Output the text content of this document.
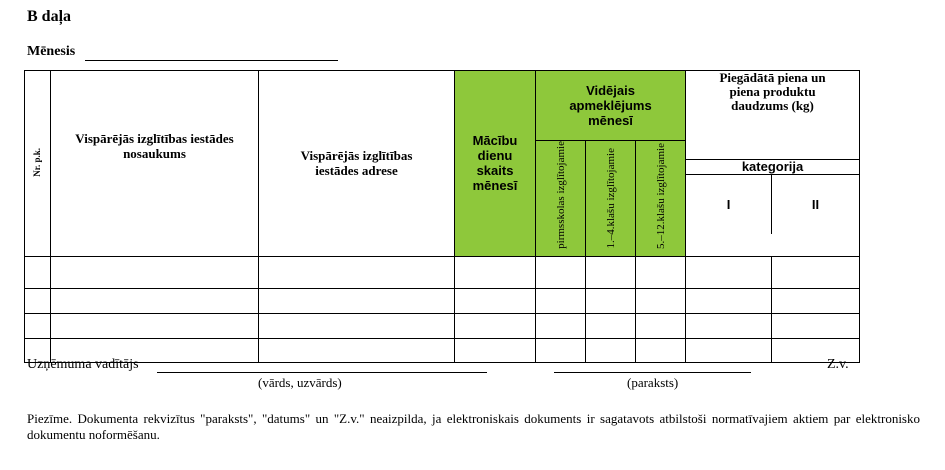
B daļa
Mēnesis
Nr. p.k.	Vispārējās izglītības iestādes nosaukums	Vispārējās izglītības iestādes adrese	Mācību dienu skaits mēnesī	Vidējais apmeklējums mēnesī			Piegādātā piena un piena produktu daudzums (kg)	
				pirmsskolas izglītojamie	1.–4.klašu izglītojamie	5.–12.klašu izglītojamie		

							kategorija
I II	

Uzņēmuma vadītājs
(vārds, uzvārds)	(paraksts)
Z.v.
Piezīme. Dokumenta rekvizītus "paraksts", "datums" un "Z.v." neaizpilda, ja elektroniskais dokuments ir sagatavots atbilstoši normatīvajiem aktiem par elektronisko dokumentu noformēšanu.
